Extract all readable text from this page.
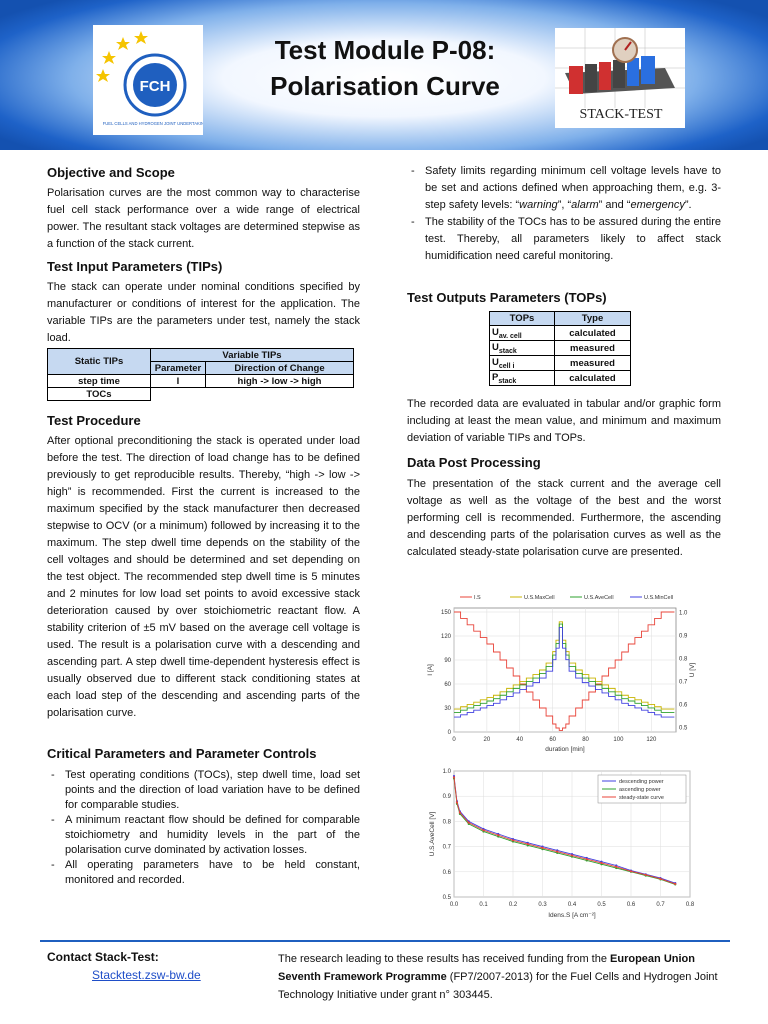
FCH
FUEL CELLS AND HYDROGEN JOINT UNDERTAKING
Test Module P-08:
Polarisation Curve
STACK-TEST
Objective and Scope
Polarisation curves are the most common way to characterise fuel cell stack performance over a wide range of electrical power. The resultant stack voltages are determined stepwise as a function of the stack current.
Test Input Parameters (TIPs)
The stack can operate under nominal conditions specified by manufacturer or conditions of interest for the application. The variable TIPs are the parameters under test, namely the stack load.
Static TIPs	Variable TIPs	
	Parameter	Direction of Change
step time	I	high -> low -> high
TOCs		
Test Procedure
After optional preconditioning the stack is operated under load before the test. The direction of load change has to be defined previously to get reproducible results. Thereby, “high -> low -> high” is recommended. First the current is increased to the maximum specified by the stack manufacturer then decreased stepwise to OCV (or a minimum) followed by increasing it to the maximum. The step dwell time depends on the stability of the cell voltages and should be determined and set depending on the test object. The recommended step dwell time is 5 minutes and 2 minutes for low load set points to avoid excessive stack deterioration caused by over stoichiometric reactant flow. A stability criterion of ±5 mV based on the average cell voltage is used. The result is a polarisation curve with a descending and ascending part. A step dwell time-dependent hysteresis effect is usually observed due to different stack conditioning states at each load step of the descending and ascending parts of the polarisation curve.
Critical Parameters and Parameter Controls
- Test operating conditions (TOCs), step dwell time, load set points and the direction of load variation have to be defined for comparable studies.
- A minimum reactant flow should be defined for comparable stoichiometry and humidity levels in the part of the polarisation curve dominated by activation losses.
- All operating parameters have to be held constant, monitored and recorded.
- Safety limits regarding minimum cell voltage levels have to be set and actions defined when approaching them, e.g. 3-step safety levels: “warning”, “alarm” and “emergency”.
- The stability of the TOCs has to be assured during the entire test. Thereby, all parameters likely to affect stack humidification need careful monitoring.
Test Outputs Parameters (TOPs)
TOPs	Type
$U_{av. cell}$	calculated
$U_{stack}$	measured
$U_{cell i}$	measured
$P_{stack}$	calculated
The recorded data are evaluated in tabular and/or graphic form including at least the mean value, and minimum and maximum deviation of variable TIPs and TOPs.
Data Post Processing
The presentation of the stack current and the average cell voltage as well as the voltage of the best and the worst performing cell is recommended. Furthermore, the ascending and descending parts of the polarisation curves as well as the calculated steady-state polarisation curve are presented.
0	20	40	60	80	100	120
0
30
60
90
120
150
0.5
0.6
0.7
0.8
0.9
1.0
duration [min]
I [A]	U [V]
I.S	U.S.MaxCell	U.S.AveCell	U.S.MinCell
0.0	0.1	0.2	0.3	0.4	0.5	0.6	0.7	0.8
0.5
0.6
0.7
0.8
0.9
1.0
Idens.S [A cm⁻²]
U.S.AveCell [V]
descending power
ascending power
steady-state curve
Contact Stack-Test:
Stacktest.zsw-bw.de
The research leading to these results has received funding from the European Union Seventh Framework Programme (FP7/2007-2013) for the Fuel Cells and Hydrogen Joint Technology Initiative under grant n° 303445.
